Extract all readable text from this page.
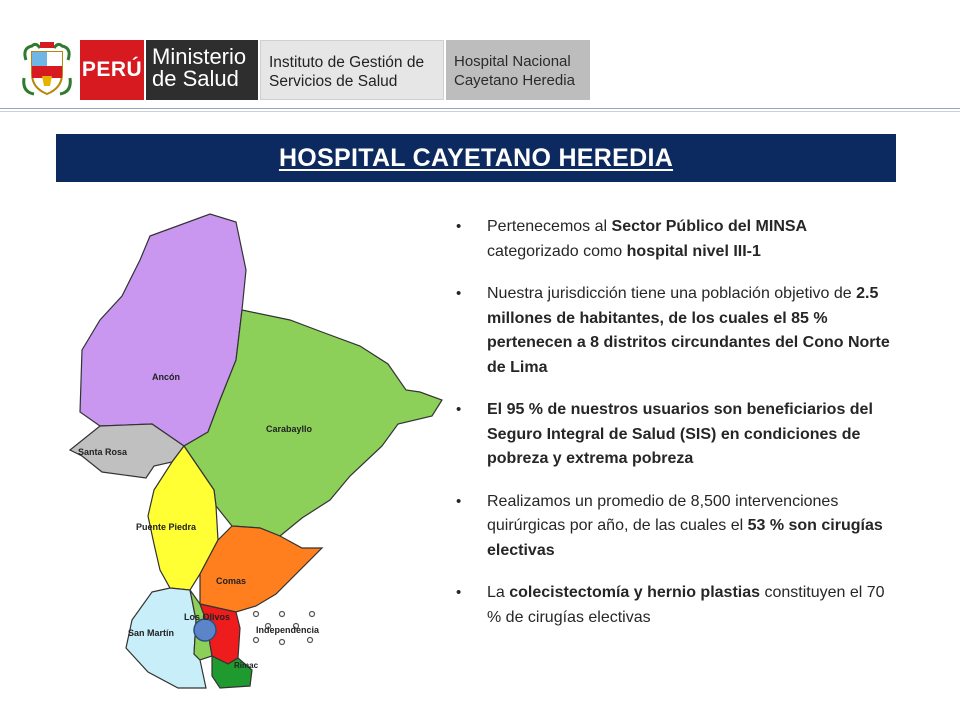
PERÚ
Ministerio
de Salud
Instituto de Gestión de
Servicios de Salud
Hospital Nacional
Cayetano Heredia
HOSPITAL CAYETANO HEREDIA
Ancón
Carabayllo
Santa Rosa
Puente Piedra
Comas
Los Olivos
San Martín	Independencia
Rimac
• Pertenecemos al Sector Público del MINSA categorizado como hospital nivel III-1
• Nuestra jurisdicción tiene una población objetivo de 2.5 millones de habitantes, de los cuales el 85 % pertenecen a 8 distritos circundantes del Cono Norte de Lima
• El 95 % de nuestros usuarios son beneficiarios del Seguro Integral de Salud (SIS) en condiciones de pobreza y extrema pobreza
• Realizamos un promedio de 8,500 intervenciones quirúrgicas por año, de las cuales el 53 % son cirugías electivas
• La colecistectomía y hernio plastias constituyen el 70 % de cirugías electivas
